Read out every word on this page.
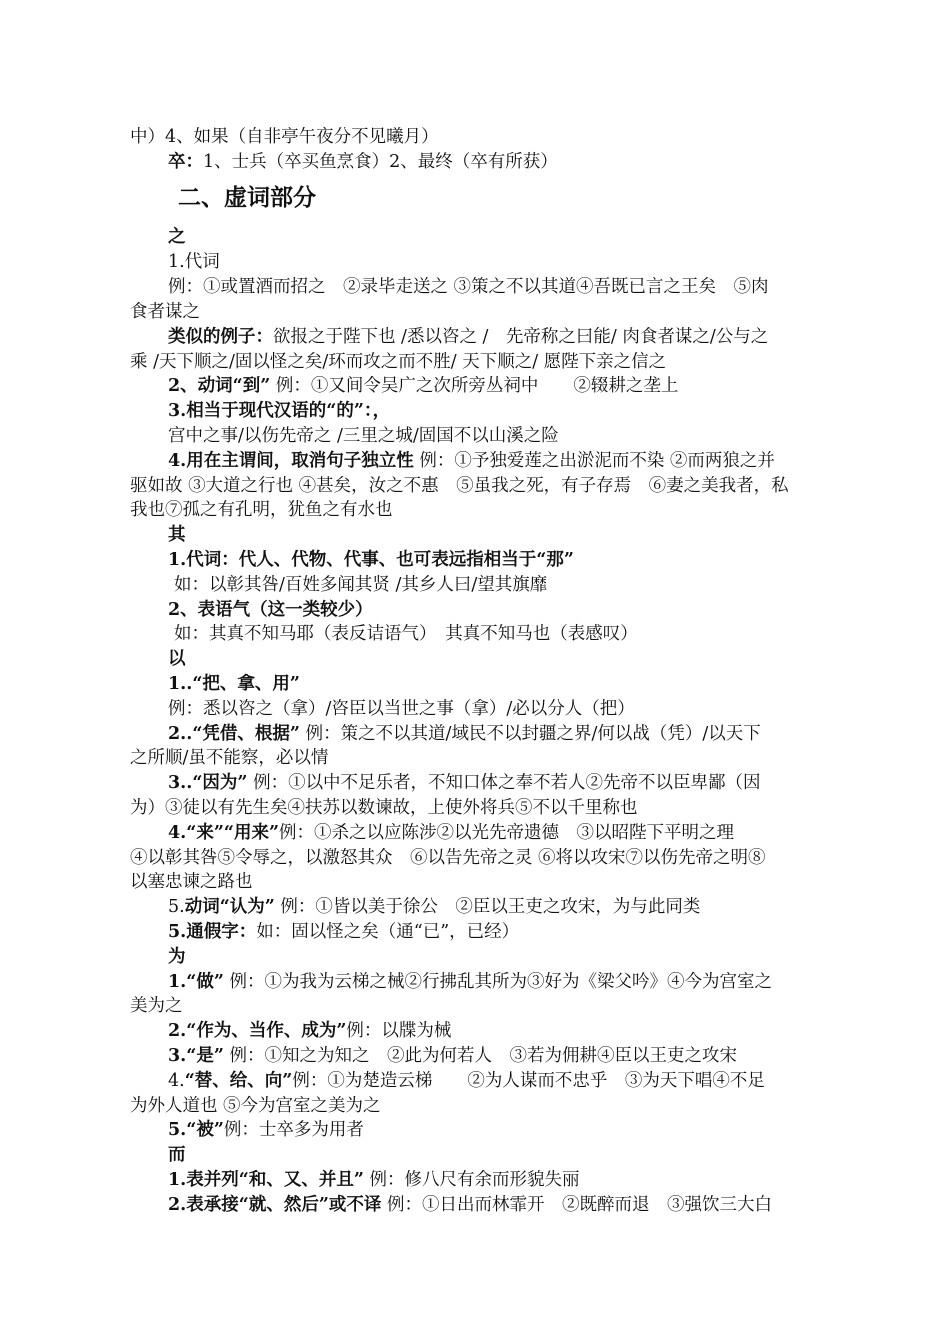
中）4、如果（自非亭午夜分不见曦月）
卒：1、士兵（卒买鱼烹食）2、最终（卒有所获）
二、虚词部分
之
1.代词
例：①或置酒而招之　②录毕走送之 ③策之不以其道④吾既已言之王矣　⑤肉
食者谋之
类似的例子：欲报之于陛下也 /悉以咨之 /　先帝称之曰能/ 肉食者谋之/公与之
乘 /天下顺之/固以怪之矣/环而攻之而不胜/ 天下顺之/ 愿陛下亲之信之
2、动词“到” 例：①又间令吴广之次所旁丛祠中　　②辍耕之垄上
3.相当于现代汉语的“的”：，
宫中之事/以伤先帝之 /三里之城/固国不以山溪之险
4.用在主谓间，取消句子独立性 例：①予独爱莲之出淤泥而不染 ②而两狼之并
驱如故 ③大道之行也 ④甚矣，汝之不惠　⑤虽我之死，有子存焉　⑥妻之美我者，私
我也⑦孤之有孔明，犹鱼之有水也
其
1.代词：代人、代物、代事、也可表远指相当于“那”
如：以彰其咎/百姓多闻其贤 /其乡人曰/望其旗靡
2、表语气（这一类较少）
如：其真不知马耶（表反诘语气）　其真不知马也（表感叹）
以
1..“把、拿、用”
例：悉以咨之（拿）/咨臣以当世之事（拿）/必以分人（把）
2..“凭借、根据” 例：策之不以其道/域民不以封疆之界/何以战（凭）/以天下
之所顺/虽不能察，必以情
3..“因为” 例：①以中不足乐者，不知口体之奉不若人②先帝不以臣卑鄙（因
为）③徒以有先生矣④扶苏以数谏故，上使外将兵⑤不以千里称也
4.“来”“用来”例：①杀之以应陈涉②以光先帝遗德　③以昭陛下平明之理
④以彰其咎⑤令辱之，以激怒其众　⑥以告先帝之灵 ⑥将以攻宋⑦以伤先帝之明⑧
以塞忠谏之路也
5.动词“认为” 例：①皆以美于徐公　②臣以王吏之攻宋，为与此同类
5.通假字：如：固以怪之矣（通“已”，已经）
为
1.“做” 例：①为我为云梯之械②行拂乱其所为③好为《梁父吟》④今为宫室之
美为之
2.“作为、当作、成为”例：以牒为械
3.“是” 例：①知之为知之　②此为何若人　③若为佣耕④臣以王吏之攻宋
4.“替、给、向”例：①为楚造云梯　　②为人谋而不忠乎　③为天下唱④不足
为外人道也 ⑤今为宫室之美为之
5.“被”例：士卒多为用者
而
1.表并列“和、又、并且” 例：修八尺有余而形貌失丽
2.表承接“就、然后”或不译 例：①日出而林霏开　②既醉而退　③强饮三大白
